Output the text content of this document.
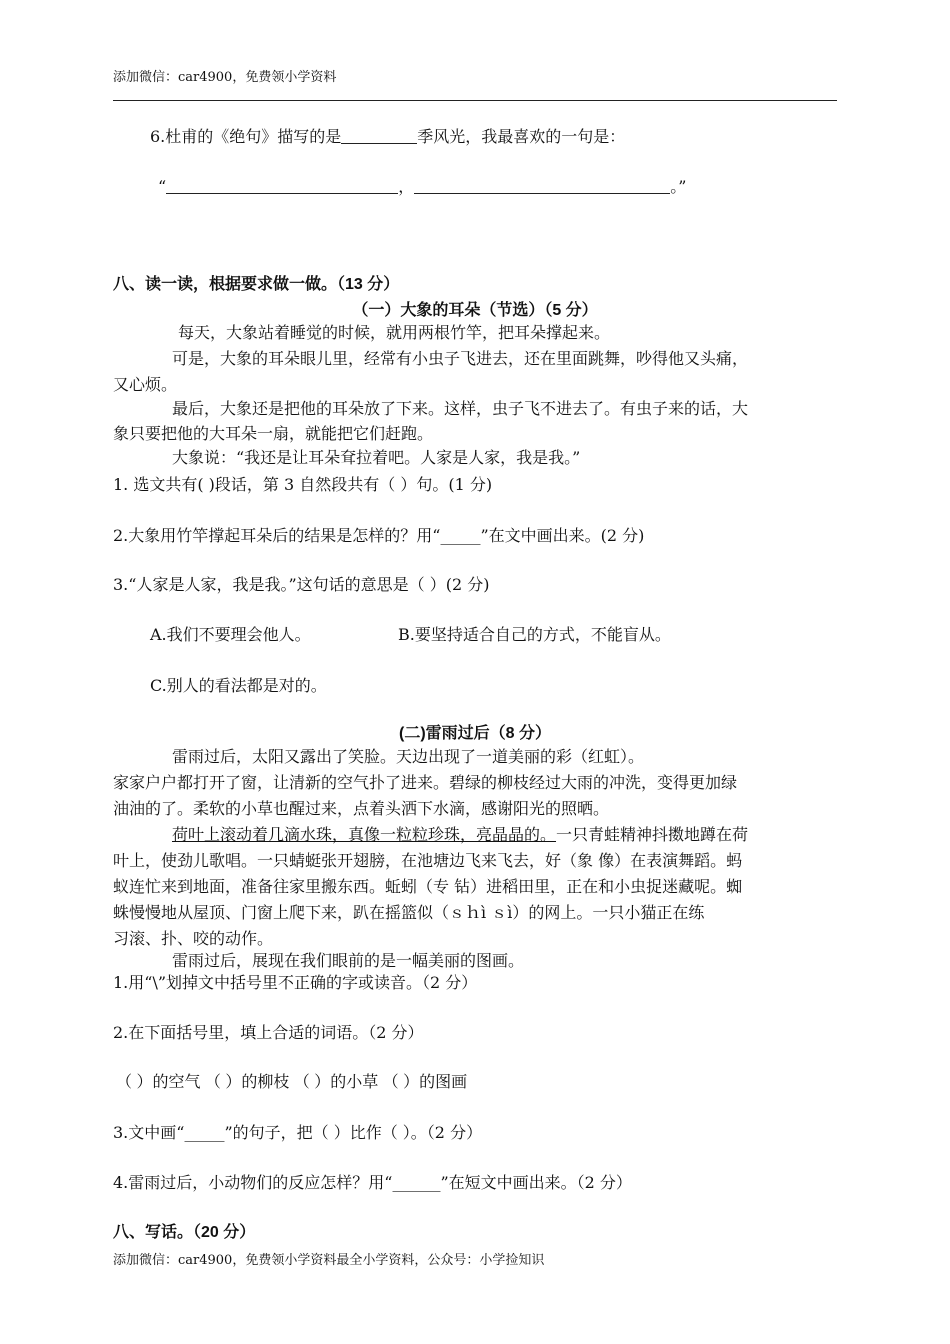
添加微信：car4900，免费领小学资料
6.杜甫的《绝句》描写的是	季风光，我最喜欢的一句是：
“	，	。”
八、读一读，根据要求做一做。（13 分）
（一）大象的耳朵（节选）（5 分）
每天，大象站着睡觉的时候，就用两根竹竿，把耳朵撑起来。
可是，大象的耳朵眼儿里，经常有小虫子飞进去，还在里面跳舞，吵得他又头痛，
又心烦。
最后，大象还是把他的耳朵放了下来。这样，虫子飞不进去了。有虫子来的话，大
象只要把他的大耳朵一扇，就能把它们赶跑。
大象说：“我还是让耳朵耷拉着吧。人家是人家，我是我。”
1. 选文共有( )段话，第 3 自然段共有（ ）句。(1 分)
2.大象用竹竿撑起耳朵后的结果是怎样的？用“_____”在文中画出来。(2 分)
3.“人家是人家，我是我。”这句话的意思是（ ）(2 分)
A.我们不要理会他人。	B.要坚持适合自己的方式，不能盲从。
C.别人的看法都是对的。
(二)雷雨过后（8 分）
雷雨过后，太阳又露出了笑脸。天边出现了一道美丽的彩（红虹）。
家家户户都打开了窗，让清新的空气扑了进来。碧绿的柳枝经过大雨的冲洗，变得更加绿
油油的了。柔软的小草也醒过来，点着头洒下水滴，感谢阳光的照晒。
荷叶上滚动着几滴水珠，真像一粒粒珍珠，亮晶晶的。一只青蛙精神抖擞地蹲在荷
叶上，使劲儿歌唱。一只蜻蜓张开翅膀，在池塘边飞来飞去，好（象 像）在表演舞蹈。蚂
蚁连忙来到地面，准备往家里搬东西。蚯蚓（专 钻）进稻田里，正在和小虫捉迷藏呢。蜘
蛛慢慢地从屋顶、门窗上爬下来，趴在摇篮似（ｓｈì ｓì）的网上。一只小猫正在练
习滚、扑、咬的动作。
雷雨过后，展现在我们眼前的是一幅美丽的图画。
1.用“\”划掉文中括号里不正确的字或读音。（2 分）
2.在下面括号里，填上合适的词语。（2 分）
（ ）的空气 （ ）的柳枝 （ ）的小草 （ ）的图画
3.文中画“_____”的句子，把（ ）比作（ ）。（2 分）
4.雷雨过后，小动物们的反应怎样？用“______”在短文中画出来。（2 分）
八、写话。（20 分）
添加微信：car4900，免费领小学资料最全小学资料，公众号：小学捡知识
